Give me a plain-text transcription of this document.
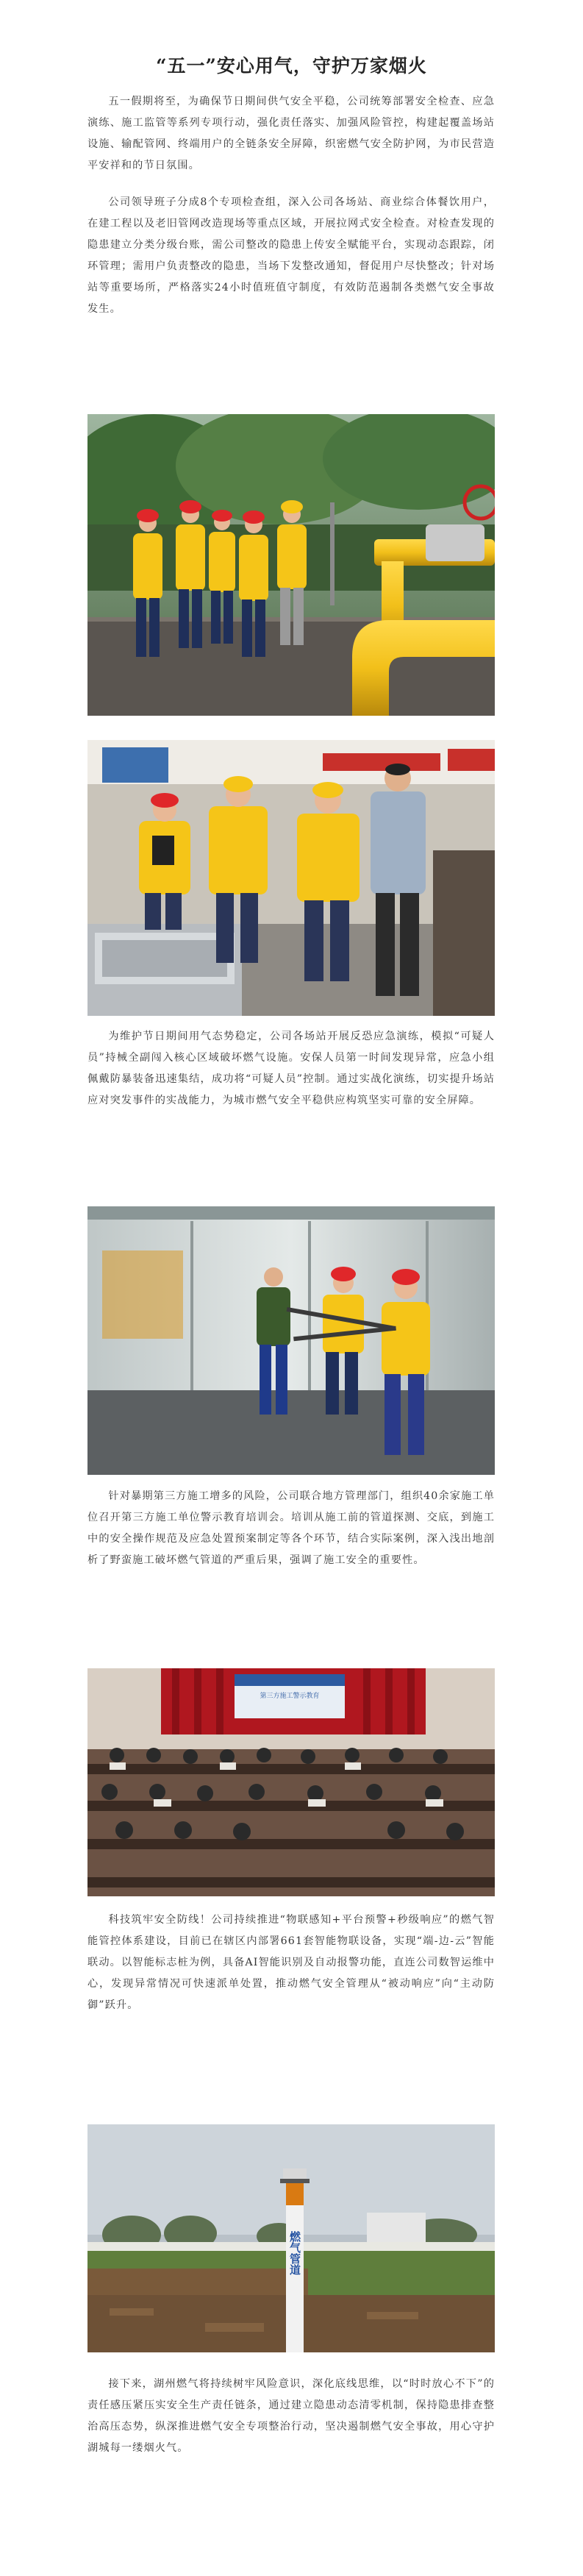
“五一”安心用气，守护万家烟火

五一假期将至，为确保节日期间供气安全平稳，公司统筹部署安全检查、应急演练、施工监管等系列专项行动，强化责任落实、加强风险管控，构建起覆盖场站设施、输配管网、终端用户的全链条安全屏障，织密燃气安全防护网，为市民营造平安祥和的节日氛围。

公司领导班子分成8个专项检查组，深入公司各场站、商业综合体餐饮用户，在建工程以及老旧管网改造现场等重点区域，开展拉网式安全检查。对检查发现的隐患建立分类分级台账，需公司整改的隐患上传安全赋能平台，实现动态跟踪，闭环管理；需用户负责整改的隐患，当场下发整改通知，督促用户尽快整改；针对场站等重要场所，严格落实24小时值班值守制度，有效防范遏制各类燃气安全事故发生。

为维护节日期间用气态势稳定，公司各场站开展反恐应急演练，模拟“可疑人员”持械全副闯入核心区域破坏燃气设施。安保人员第一时间发现异常，应急小组佩戴防暴装备迅速集结，成功将“可疑人员”控制。通过实战化演练，切实提升场站应对突发事件的实战能力，为城市燃气安全平稳供应构筑坚实可靠的安全屏障。

针对暴期第三方施工增多的风险，公司联合地方管理部门，组织40余家施工单位召开第三方施工单位警示教育培训会。培训从施工前的管道探测、交底，到施工中的安全操作规范及应急处置预案制定等各个环节，结合实际案例，深入浅出地剖析了野蛮施工破坏燃气管道的严重后果，强调了施工安全的重要性。

第三方施工警示教育

科技筑牢安全防线！公司持续推进“物联感知+平台预警+秒级响应”的燃气智能管控体系建设，目前已在辖区内部署661套智能物联设备，实现“端-边-云”智能联动。以智能标志桩为例，具备AI智能识别及自动报警功能，直连公司数智运维中心，发现异常情况可快速派单处置，推动燃气安全管理从“被动响应”向“主动防御”跃升。

燃气管道

接下来，湖州燃气将持续树牢风险意识，深化底线思维，以“时时放心不下”的责任感压紧压实安全生产责任链条，通过建立隐患动态清零机制，保持隐患排查整治高压态势，纵深推进燃气安全专项整治行动，坚决遏制燃气安全事故，用心守护湖城每一缕烟火气。
